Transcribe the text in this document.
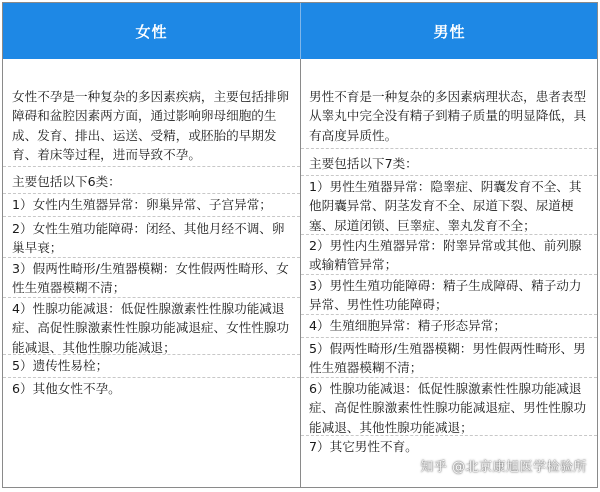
女性	男性

女性不孕是一种复杂的多因素疾病，主要包括排卵障碍和盆腔因素两方面，通过影响卵母细胞的生成、发育、排出、运送、受精，或胚胎的早期发育、着床等过程，进而导致不孕。

主要包括以下6类：

1）女性内生殖器异常：卵巢异常、子宫异常；

2）女性生殖功能障碍：闭经、其他月经不调、卵巢早衰；

3）假两性畸形/生殖器模糊：女性假两性畸形、女性生殖器模糊不清；

4）性腺功能减退：低促性腺激素性性腺功能减退症、高促性腺激素性性腺功能减退症、女性性腺功能减退、其他性腺功能减退；

5）遗传性易栓；

6）其他女性不孕。

男性不育是一种复杂的多因素病理状态，患者表型从睾丸中完全没有精子到精子质量的明显降低，具有高度异质性。

主要包括以下7类：

1）男性生殖器异常：隐睾症、阴囊发育不全、其他阴囊异常、阴茎发育不全、尿道下裂、尿道梗塞、尿道闭锁、巨睾症、睾丸发育不全；

2）男性内生殖器异常：附睾异常或其他、前列腺或输精管异常；

3）男性生殖功能障碍：精子生成障碍、精子动力异常、男性性功能障碍；

4）生殖细胞异常：精子形态异常；

5）假两性畸形/生殖器模糊：男性假两性畸形、男性生殖器模糊不清；

6）性腺功能减退：低促性腺激素性性腺功能减退症、高促性腺激素性性腺功能减退症、男性性腺功能减退、其他性腺功能减退；

7）其它男性不育。

知乎 @北京康旭医学检验所
